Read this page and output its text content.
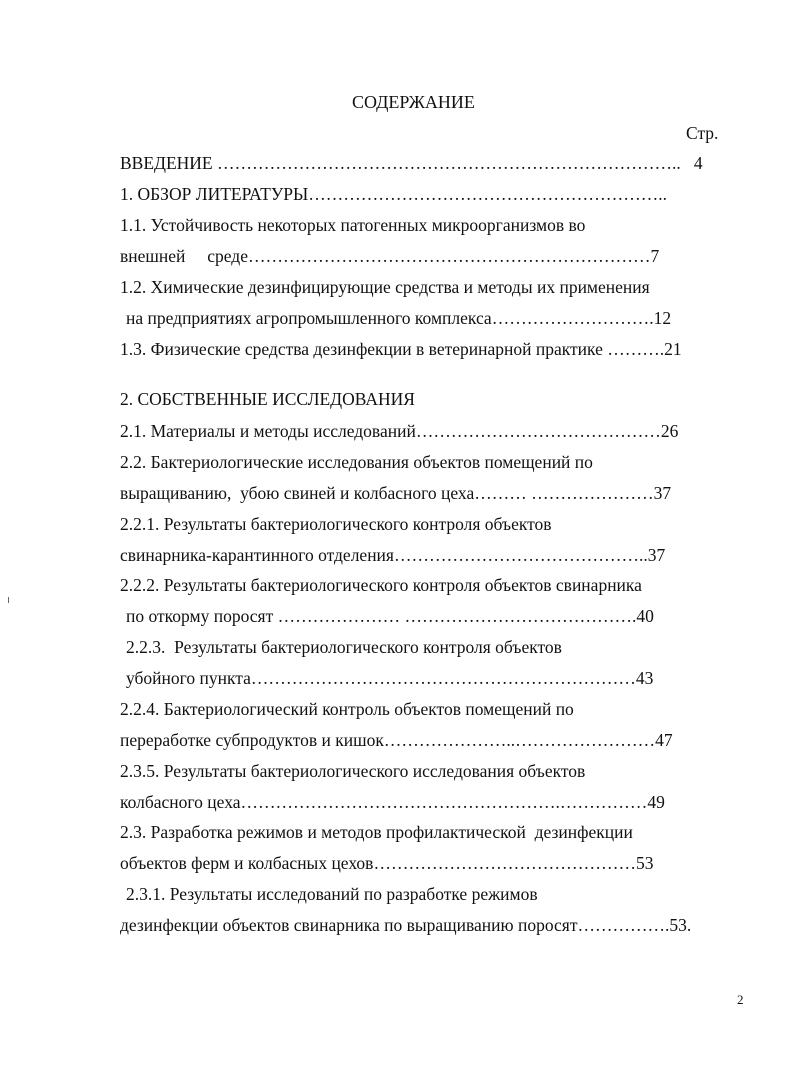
СОДЕРЖАНИЕ
Стр.
ВВЕДЕНИЕ ……………………………………………………………………..   4
1. ОБЗОР ЛИТЕРАТУРЫ……………………………………………………..
1.1. Устойчивость некоторых патогенных микроорганизмов во
внешней     среде……………………………………………………………7
1.2. Химические дезинфицирующие средства и методы их применения
на предприятиях агропромышленного комплекса……………………….12
1.3. Физические средства дезинфекции в ветеринарной практике ……….21
2. СОБСТВЕННЫЕ ИССЛЕДОВАНИЯ
2.1. Материалы и методы исследований……………………………………26
2.2. Бактериологические исследования объектов помещений по
выращиванию,  убою свиней и колбасного цеха……… …………………37
2.2.1. Результаты бактериологического контроля объектов
свинарника-карантинного отделения……………………………………..37
2.2.2. Результаты бактериологического контроля объектов свинарника
по откорму поросят ………………… ………………………………….40
2.2.3.  Результаты бактериологического контроля объектов
убойного пункта…………………………………………………………43
2.2.4. Бактериологический контроль объектов помещений по
переработке субпродуктов и кишок…………………..……………………47
2.3.5. Результаты бактериологического исследования объектов
колбасного цеха……………………………………………….……………49
2.3. Разработка режимов и методов профилактической  дезинфекции
объектов ферм и колбасных цехов………………………………………53
2.3.1. Результаты исследований по разработке режимов
дезинфекции объектов свинарника по выращиванию поросят…………….53.
2
